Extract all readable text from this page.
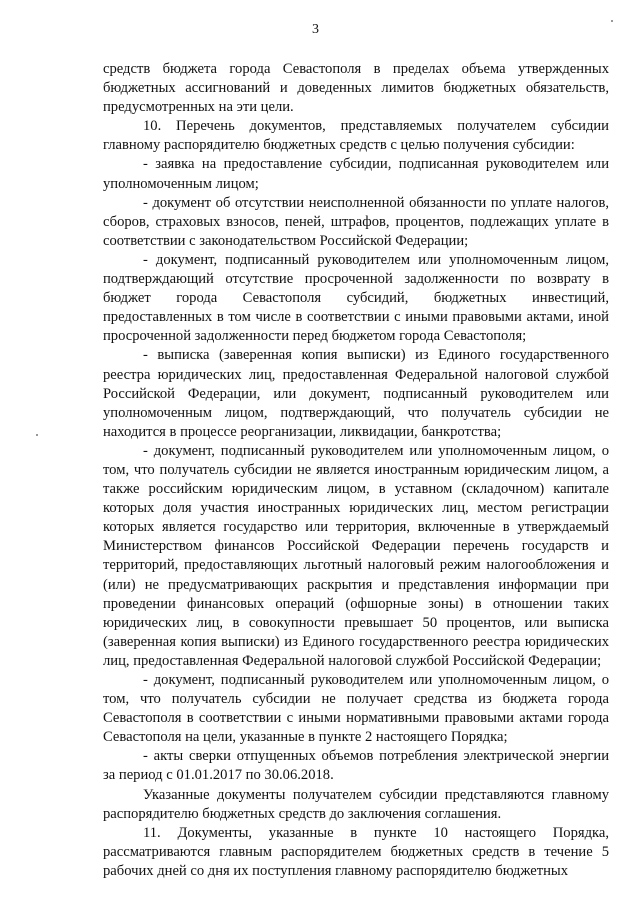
3

средств бюджета города Севастополя в пределах объема утвержденных бюджетных ассигнований и доведенных лимитов бюджетных обязательств, предусмотренных на эти цели.

10. Перечень документов, представляемых получателем субсидии главному распорядителю бюджетных средств с целью получения субсидии:

- заявка на предоставление субсидии, подписанная руководителем или уполномоченным лицом;

- документ об отсутствии неисполненной обязанности по уплате налогов, сборов, страховых взносов, пеней, штрафов, процентов, подлежащих уплате в соответствии с законодательством Российской Федерации;

- документ, подписанный руководителем или уполномоченным лицом, подтверждающий отсутствие просроченной задолженности по возврату в бюджет города Севастополя субсидий, бюджетных инвестиций, предоставленных в том числе в соответствии с иными правовыми актами, иной просроченной задолженности перед бюджетом города Севастополя;

- выписка (заверенная копия выписки) из Единого государственного реестра юридических лиц, предоставленная Федеральной налоговой службой Российской Федерации, или документ, подписанный руководителем или уполномоченным лицом, подтверждающий, что получатель субсидии не находится в процессе реорганизации, ликвидации, банкротства;

- документ, подписанный руководителем или уполномоченным лицом, о том, что получатель субсидии не является иностранным юридическим лицом, а также российским юридическим лицом, в уставном (складочном) капитале которых доля участия иностранных юридических лиц, местом регистрации которых является государство или территория, включенные в утверждаемый Министерством финансов Российской Федерации перечень государств и территорий, предоставляющих льготный налоговый режим налогообложения и (или) не предусматривающих раскрытия и представления информации при проведении финансовых операций (офшорные зоны) в отношении таких юридических лиц, в совокупности превышает 50 процентов, или выписка (заверенная копия выписки) из Единого государственного реестра юридических лиц, предоставленная Федеральной налоговой службой Российской Федерации;

- документ, подписанный руководителем или уполномоченным лицом, о том, что получатель субсидии не получает средства из бюджета города Севастополя в соответствии с иными нормативными правовыми актами города Севастополя на цели, указанные в пункте 2 настоящего Порядка;

- акты сверки отпущенных объемов потребления электрической энергии за период с 01.01.2017 по 30.06.2018.

Указанные документы получателем субсидии представляются главному распорядителю бюджетных средств до заключения соглашения.

11. Документы, указанные в пункте 10 настоящего Порядка, рассматриваются главным распорядителем бюджетных средств в течение 5 рабочих дней со дня их поступления главному распорядителю бюджетных
